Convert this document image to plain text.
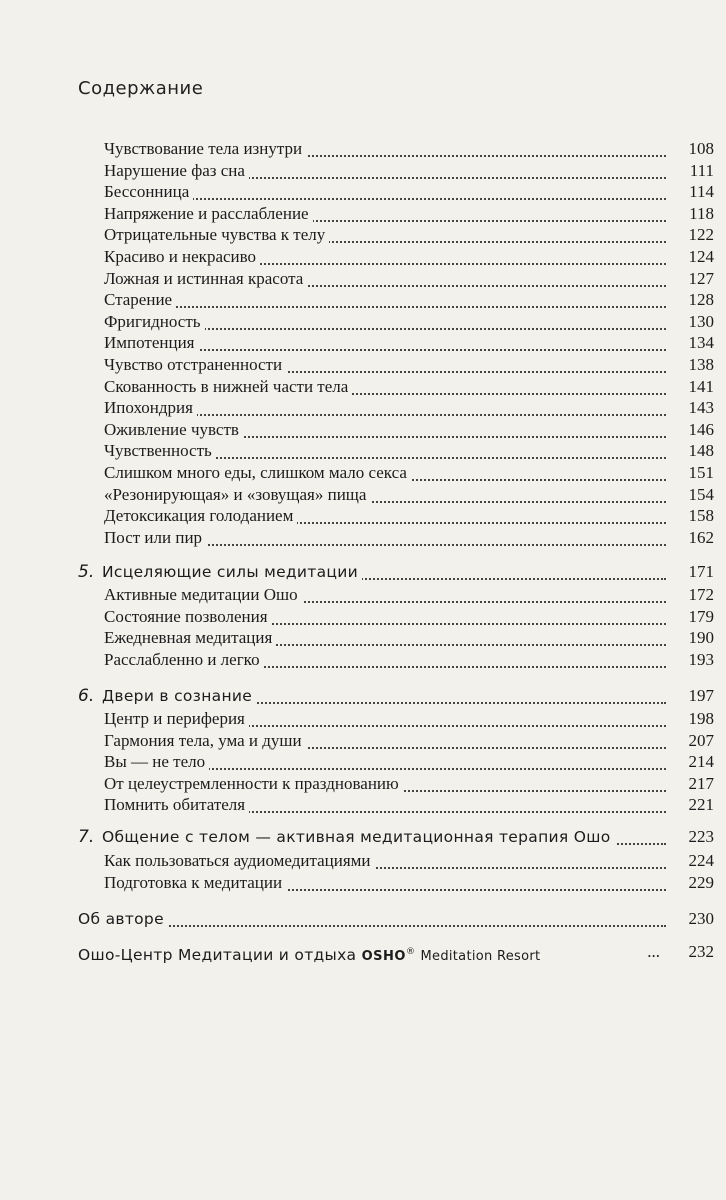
Содержание
Чувствование тела изнутри	108
Нарушение фаз сна	111
Бессонница	114
Напряжение и расслабление	118
Отрицательные чувства к телу	122
Красиво и некрасиво	124
Ложная и истинная красота	127
Старение	128
Фригидность	130
Импотенция	134
Чувство отстраненности	138
Скованность в нижней части тела	141
Ипохондрия	143
Оживление чувств	146
Чувственность	148
Слишком много еды, слишком мало секса	151
«Резонирующая» и «зовущая» пища	154
Детоксикация голоданием	158
Пост или пир	162
5. Исцеляющие силы медитации	171
Активные медитации Ошо	172
Состояние позволения	179
Ежедневная медитация	190
Расслабленно и легко	193
6. Двери в сознание	197
Центр и периферия	198
Гармония тела, ума и души	207
Вы — не тело	214
От целеустремленности к празднованию	217
Помнить обитателя	221
7. Общение с телом — активная медитационная терапия Ошо	223
Как пользоваться аудиомедитациями	224
Подготовка к медитации	229
Об авторе	230
Ошо-Центр Медитации и отдыха OSHO® Meditation Resort	...	232
